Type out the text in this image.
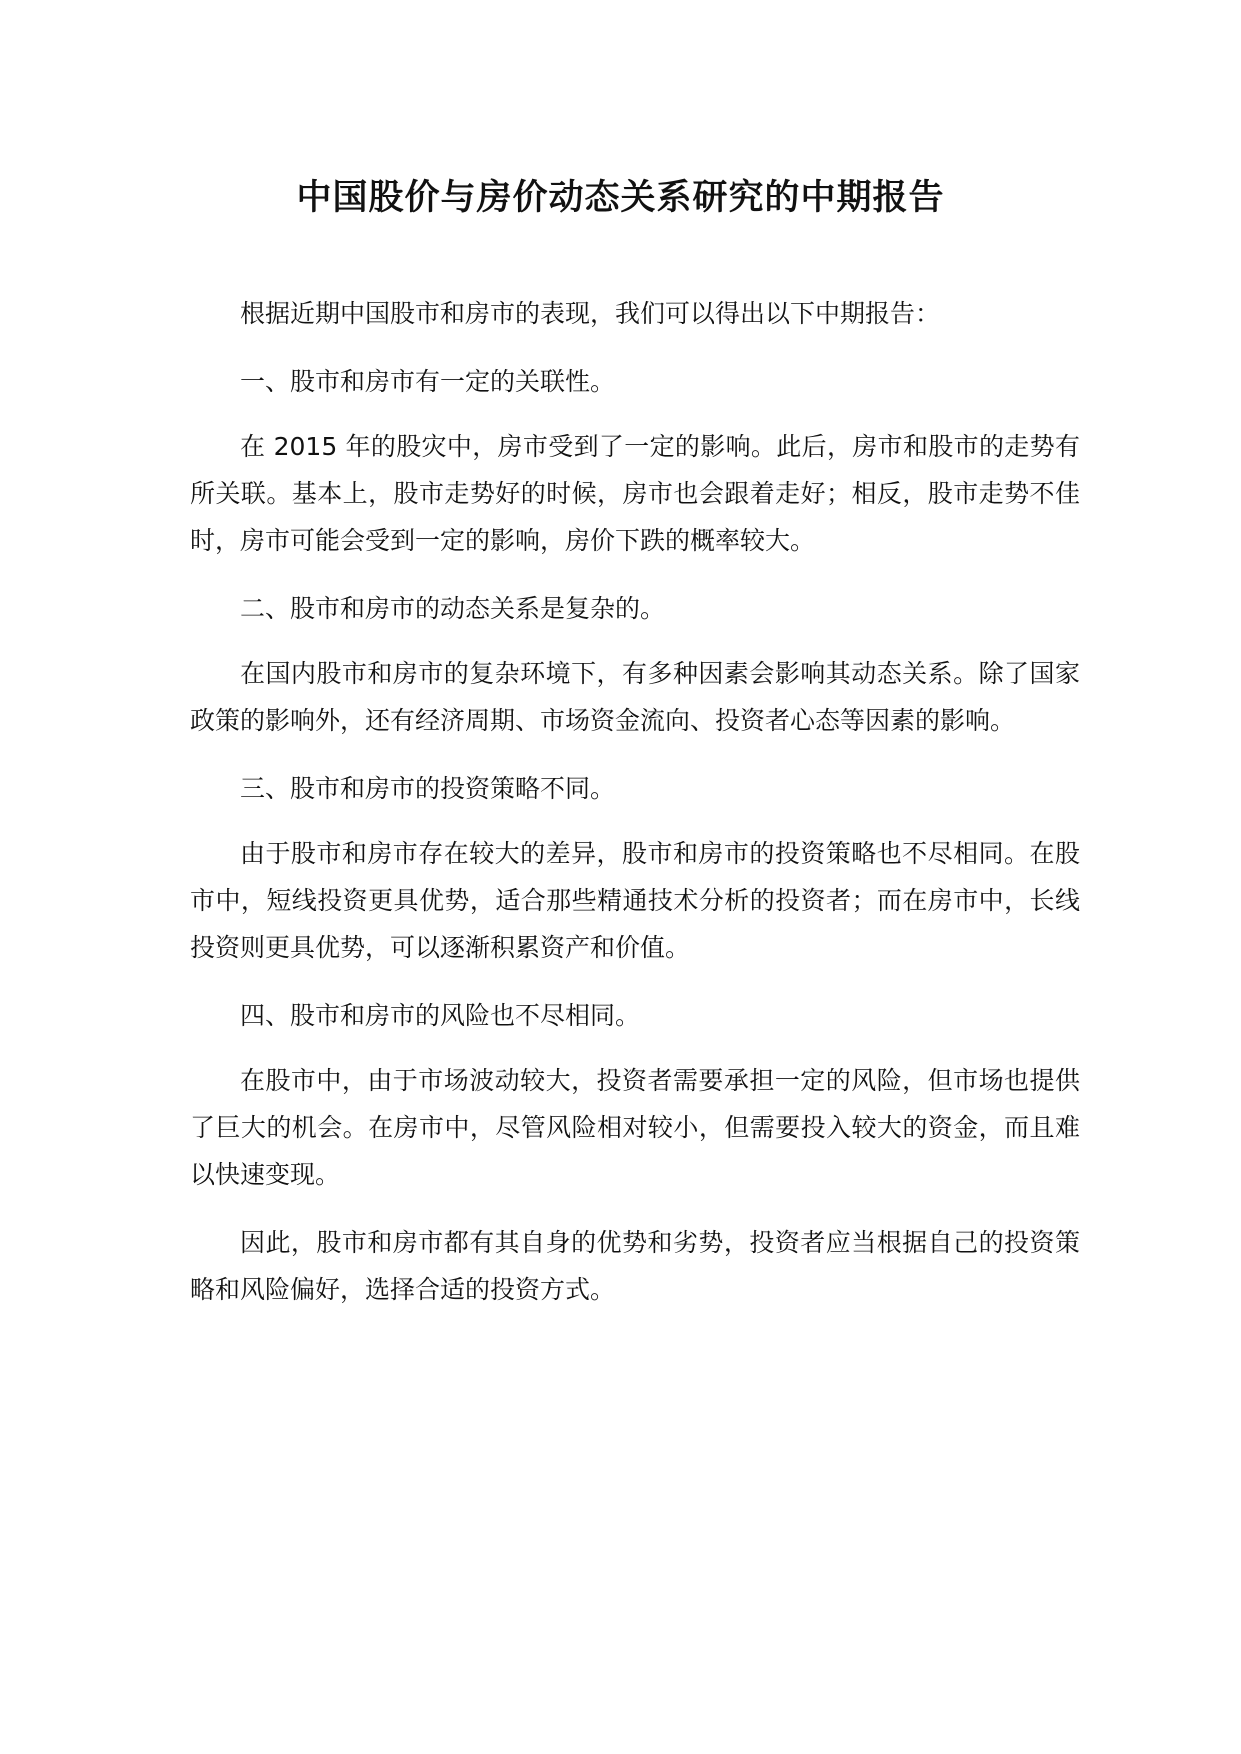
中国股价与房价动态关系研究的中期报告

根据近期中国股市和房市的表现，我们可以得出以下中期报告：

一、股市和房市有一定的关联性。

在 2015 年的股灾中，房市受到了一定的影响。此后，房市和股市的走势有所关联。基本上，股市走势好的时候，房市也会跟着走好；相反，股市走势不佳时，房市可能会受到一定的影响，房价下跌的概率较大。

二、股市和房市的动态关系是复杂的。

在国内股市和房市的复杂环境下，有多种因素会影响其动态关系。除了国家政策的影响外，还有经济周期、市场资金流向、投资者心态等因素的影响。

三、股市和房市的投资策略不同。

由于股市和房市存在较大的差异，股市和房市的投资策略也不尽相同。在股市中，短线投资更具优势，适合那些精通技术分析的投资者；而在房市中，长线投资则更具优势，可以逐渐积累资产和价值。

四、股市和房市的风险也不尽相同。

在股市中，由于市场波动较大，投资者需要承担一定的风险，但市场也提供了巨大的机会。在房市中，尽管风险相对较小，但需要投入较大的资金，而且难以快速变现。

因此，股市和房市都有其自身的优势和劣势，投资者应当根据自己的投资策略和风险偏好，选择合适的投资方式。
